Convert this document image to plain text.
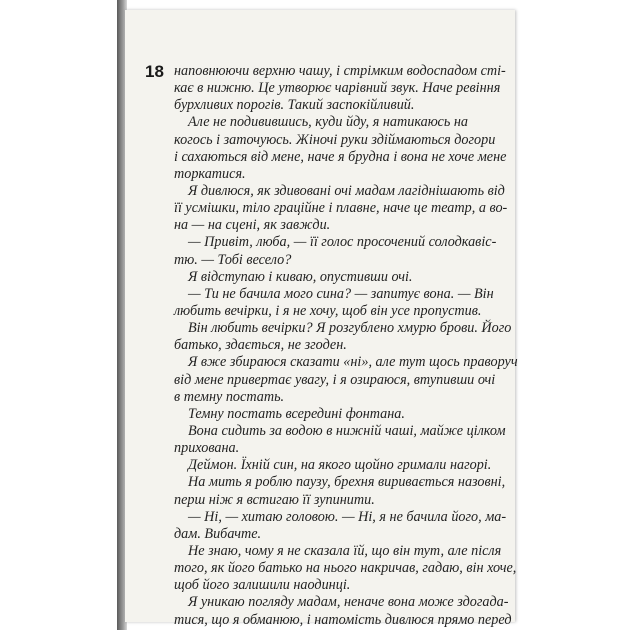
18 наповнюючи верхню чашу, і стрімким водоспадом сті-
кає в нижню. Це утворює чарівний звук. Наче ревіння
бурхливих порогів. Такий заспокійливий.
Але не подивившись, куди йду, я натикаюсь на
когось і заточуюсь. Жіночі руки здіймаються догори
і сахаються від мене, наче я брудна і вона не хоче мене
торкатися.
Я дивлюся, як здивовані очі мадам лагіднішають від
її усмішки, тіло граційне і плавне, наче це театр, а во-
на — на сцені, як завжди.
— Привіт, люба, — її голос просочений солодкавіс-
тю. — Тобі весело?
Я відступаю і киваю, опустивши очі.
— Ти не бачила мого сина? — запитує вона. — Він
любить вечірки, і я не хочу, щоб він усе пропустив.
Він любить вечірки? Я розгублено хмурю брови. Його
батько, здається, не згоден.
Я вже збираюся сказати «ні», але тут щось праворуч
від мене привертає увагу, і я озираюся, втупивши очі
в темну постать.
Темну постать всередині фонтана.
Вона сидить за водою в нижній чаші, майже цілком
прихована.
Деймон. Їхній син, на якого щойно гримали нагорі.
На мить я роблю паузу, брехня виривається назовні,
перш ніж я встигаю її зупинити.
— Ні, — хитаю головою. — Ні, я не бачила його, ма-
дам. Вибачте.
Не знаю, чому я не сказала їй, що він тут, але після
того, як його батько на нього накричав, гадаю, він хоче,
щоб його залишили наодинці.
Я уникаю погляду мадам, неначе вона може здогада-
тися, що я обманюю, і натомість дивлюся прямо перед
